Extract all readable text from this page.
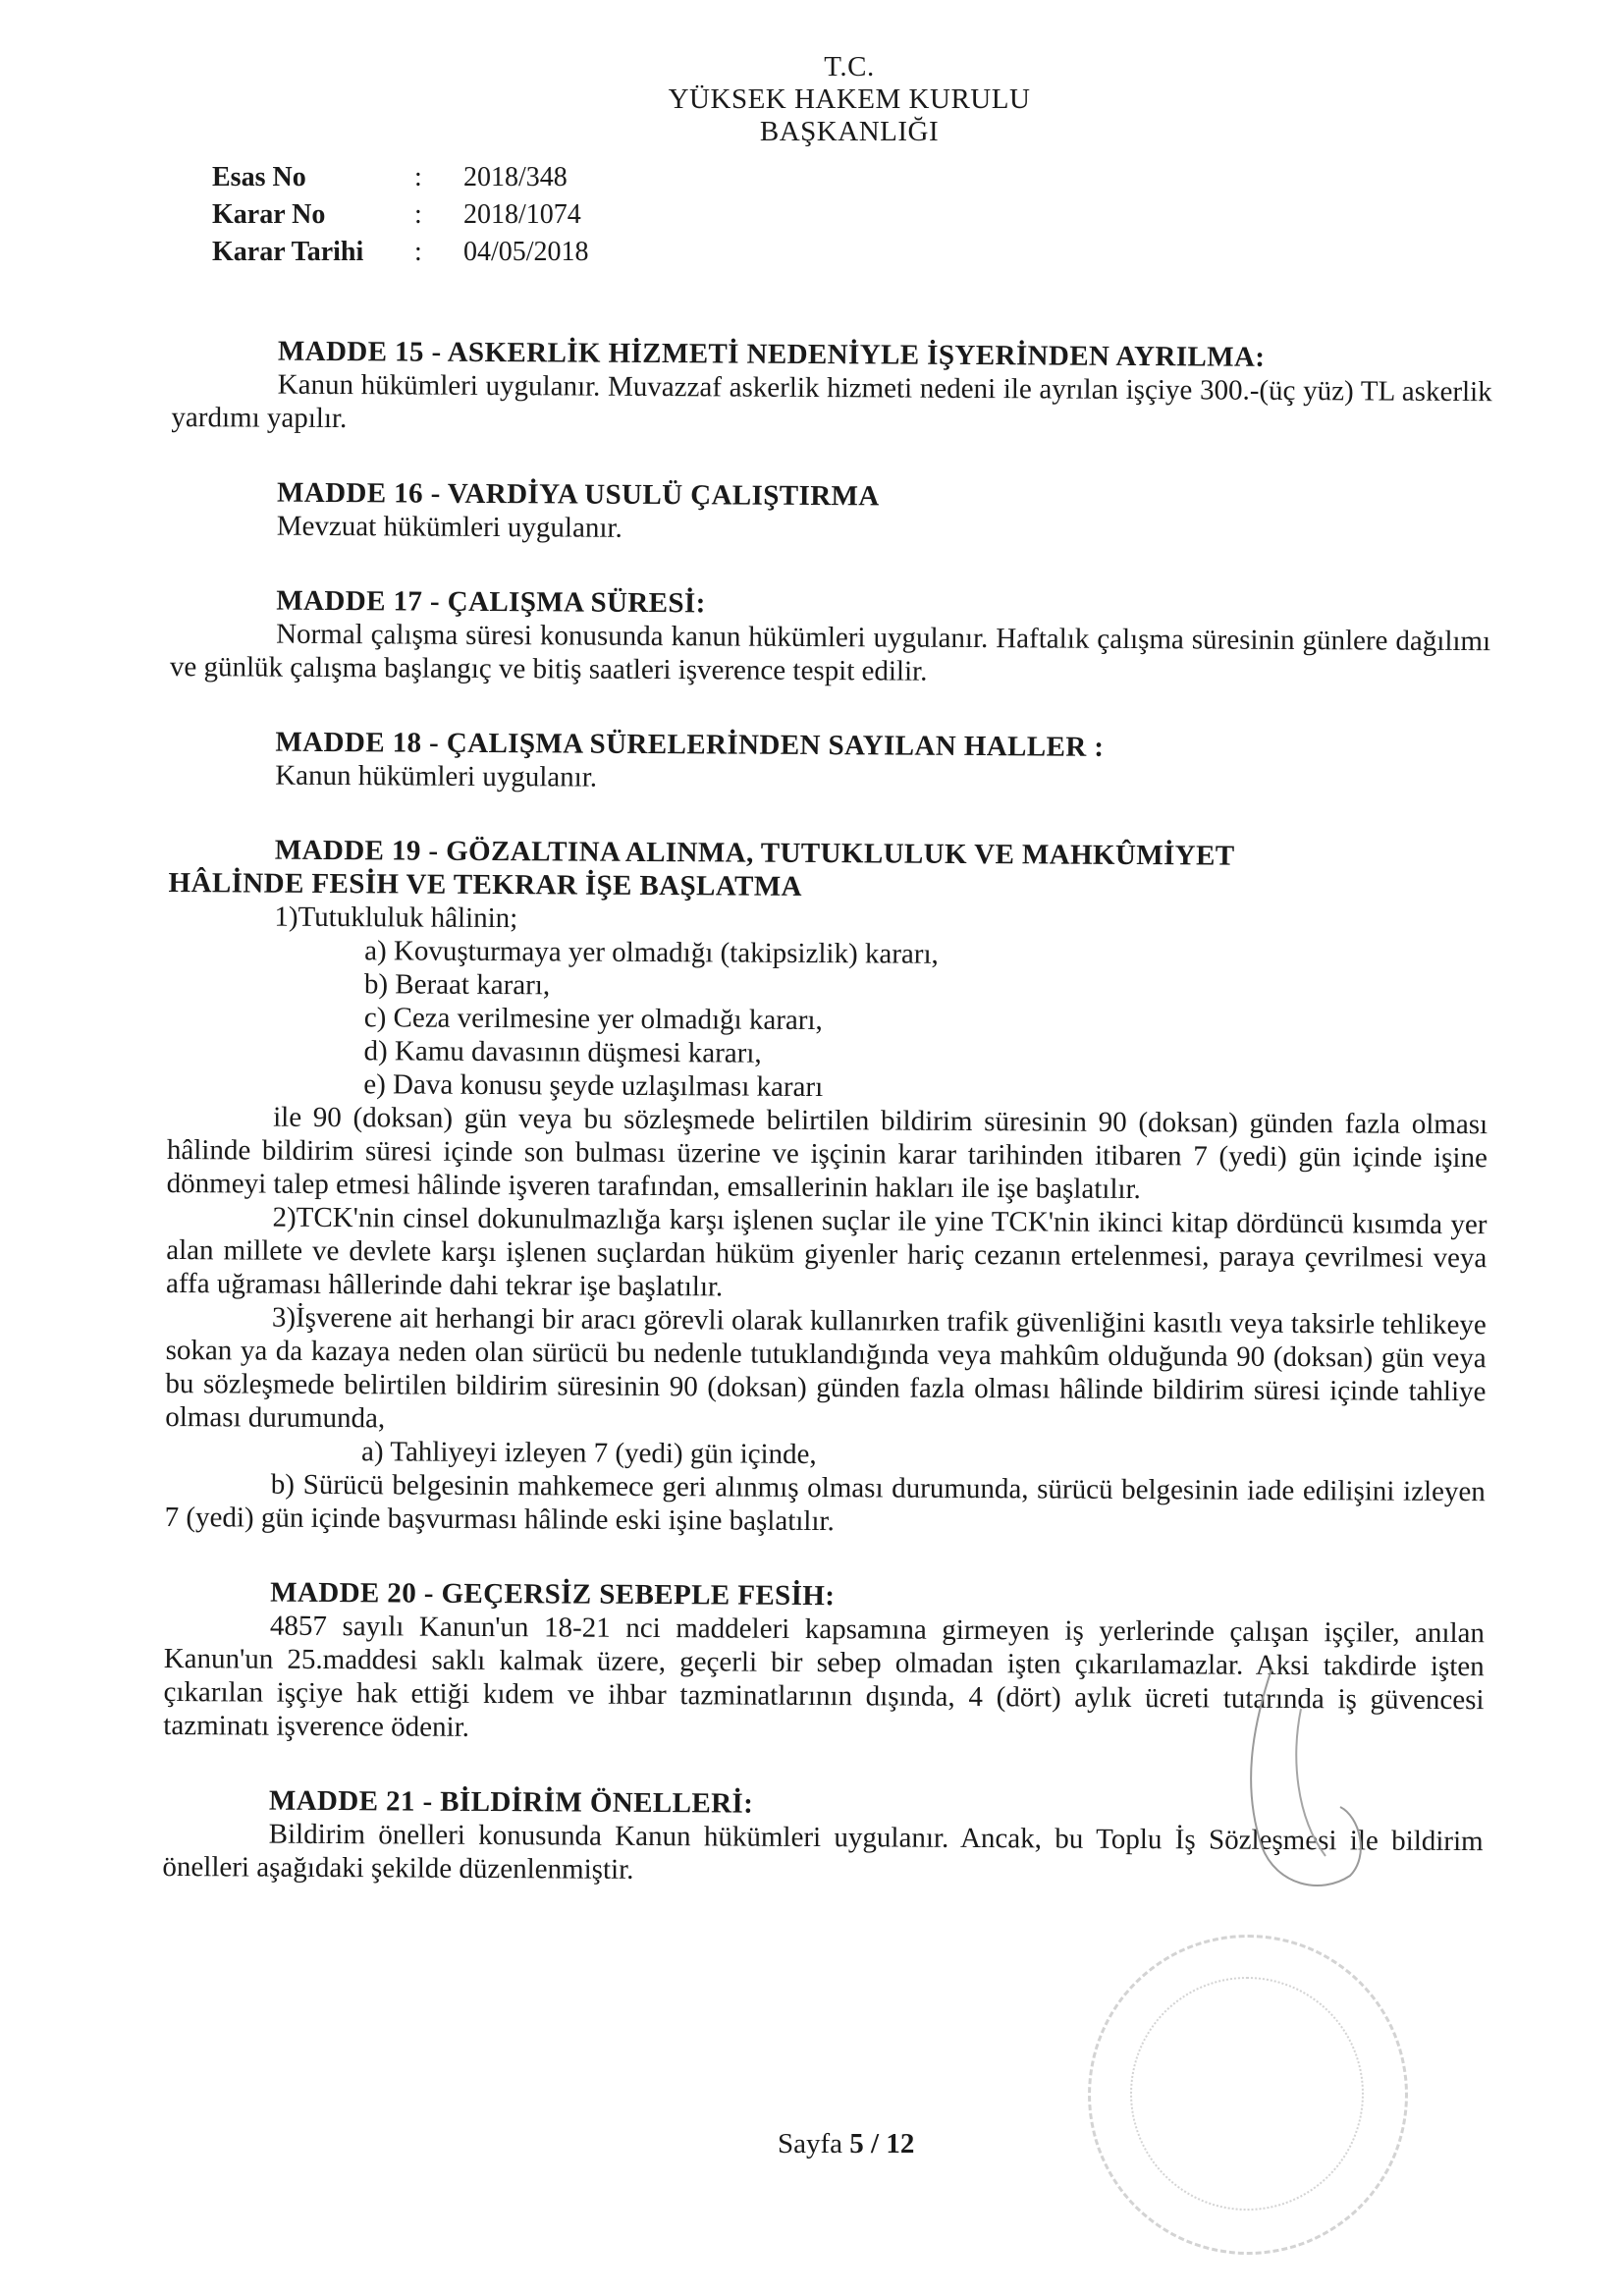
T.C.
YÜKSEK HAKEM KURULU
BAŞKANLIĞI
Esas No	:	2018/348
Karar No	:	2018/1074
Karar Tarihi	:	04/05/2018
MADDE 15 - ASKERLİK HİZMETİ NEDENİYLE İŞYERİNDEN AYRILMA:

Kanun hükümleri uygulanır. Muvazzaf askerlik hizmeti nedeni ile ayrılan işçiye 300.-(üç yüz) TL askerlik yardımı yapılır.

MADDE 16 - VARDİYA USULÜ ÇALIŞTIRMA

Mevzuat hükümleri uygulanır.

MADDE 17 - ÇALIŞMA SÜRESİ:

Normal çalışma süresi konusunda kanun hükümleri uygulanır. Haftalık çalışma süresinin günlere dağılımı ve günlük çalışma başlangıç ve bitiş saatleri işverence tespit edilir.

MADDE 18 - ÇALIŞMA SÜRELERİNDEN SAYILAN HALLER :

Kanun hükümleri uygulanır.

MADDE 19 - GÖZALTINA ALINMA, TUTUKLULUK VE MAHKÛMİYET
HÂLİNDE FESİH VE TEKRAR İŞE BAŞLATMA

1)Tutukluluk hâlinin;

a) Kovuşturmaya yer olmadığı (takipsizlik) kararı,

b) Beraat kararı,

c) Ceza verilmesine yer olmadığı kararı,

d) Kamu davasının düşmesi kararı,

e) Dava konusu şeyde uzlaşılması kararı

ile 90 (doksan) gün veya bu sözleşmede belirtilen bildirim süresinin 90 (doksan) günden fazla olması hâlinde bildirim süresi içinde son bulması üzerine ve işçinin karar tarihinden itibaren 7 (yedi) gün içinde işine dönmeyi talep etmesi hâlinde işveren tarafından, emsallerinin hakları ile işe başlatılır.

2)TCK'nin cinsel dokunulmazlığa karşı işlenen suçlar ile yine TCK'nin ikinci kitap dördüncü kısımda yer alan millete ve devlete karşı işlenen suçlardan hüküm giyenler hariç cezanın ertelenmesi, paraya çevrilmesi veya affa uğraması hâllerinde dahi tekrar işe başlatılır.

3)İşverene ait herhangi bir aracı görevli olarak kullanırken trafik güvenliğini kasıtlı veya taksirle tehlikeye sokan ya da kazaya neden olan sürücü bu nedenle tutuklandığında veya mahkûm olduğunda 90 (doksan) gün veya bu sözleşmede belirtilen bildirim süresinin 90 (doksan) günden fazla olması hâlinde bildirim süresi içinde tahliye olması durumunda,

a) Tahliyeyi izleyen 7 (yedi) gün içinde,

b) Sürücü belgesinin mahkemece geri alınmış olması durumunda, sürücü belgesinin iade edilişini izleyen 7 (yedi) gün içinde başvurması hâlinde eski işine başlatılır.

MADDE 20 - GEÇERSİZ SEBEPLE FESİH:

4857 sayılı Kanun'un 18-21 nci maddeleri kapsamına girmeyen iş yerlerinde çalışan işçiler, anılan Kanun'un 25.maddesi saklı kalmak üzere, geçerli bir sebep olmadan işten çıkarılamazlar. Aksi takdirde işten çıkarılan işçiye hak ettiği kıdem ve ihbar tazminatlarının dışında, 4 (dört) aylık ücreti tutarında iş güvencesi tazminatı işverence ödenir.

MADDE 21 - BİLDİRİM ÖNELLERİ:

Bildirim önelleri konusunda Kanun hükümleri uygulanır. Ancak, bu Toplu İş Sözleşmesi ile bildirim önelleri aşağıdaki şekilde düzenlenmiştir.

Sayfa 5 / 12
